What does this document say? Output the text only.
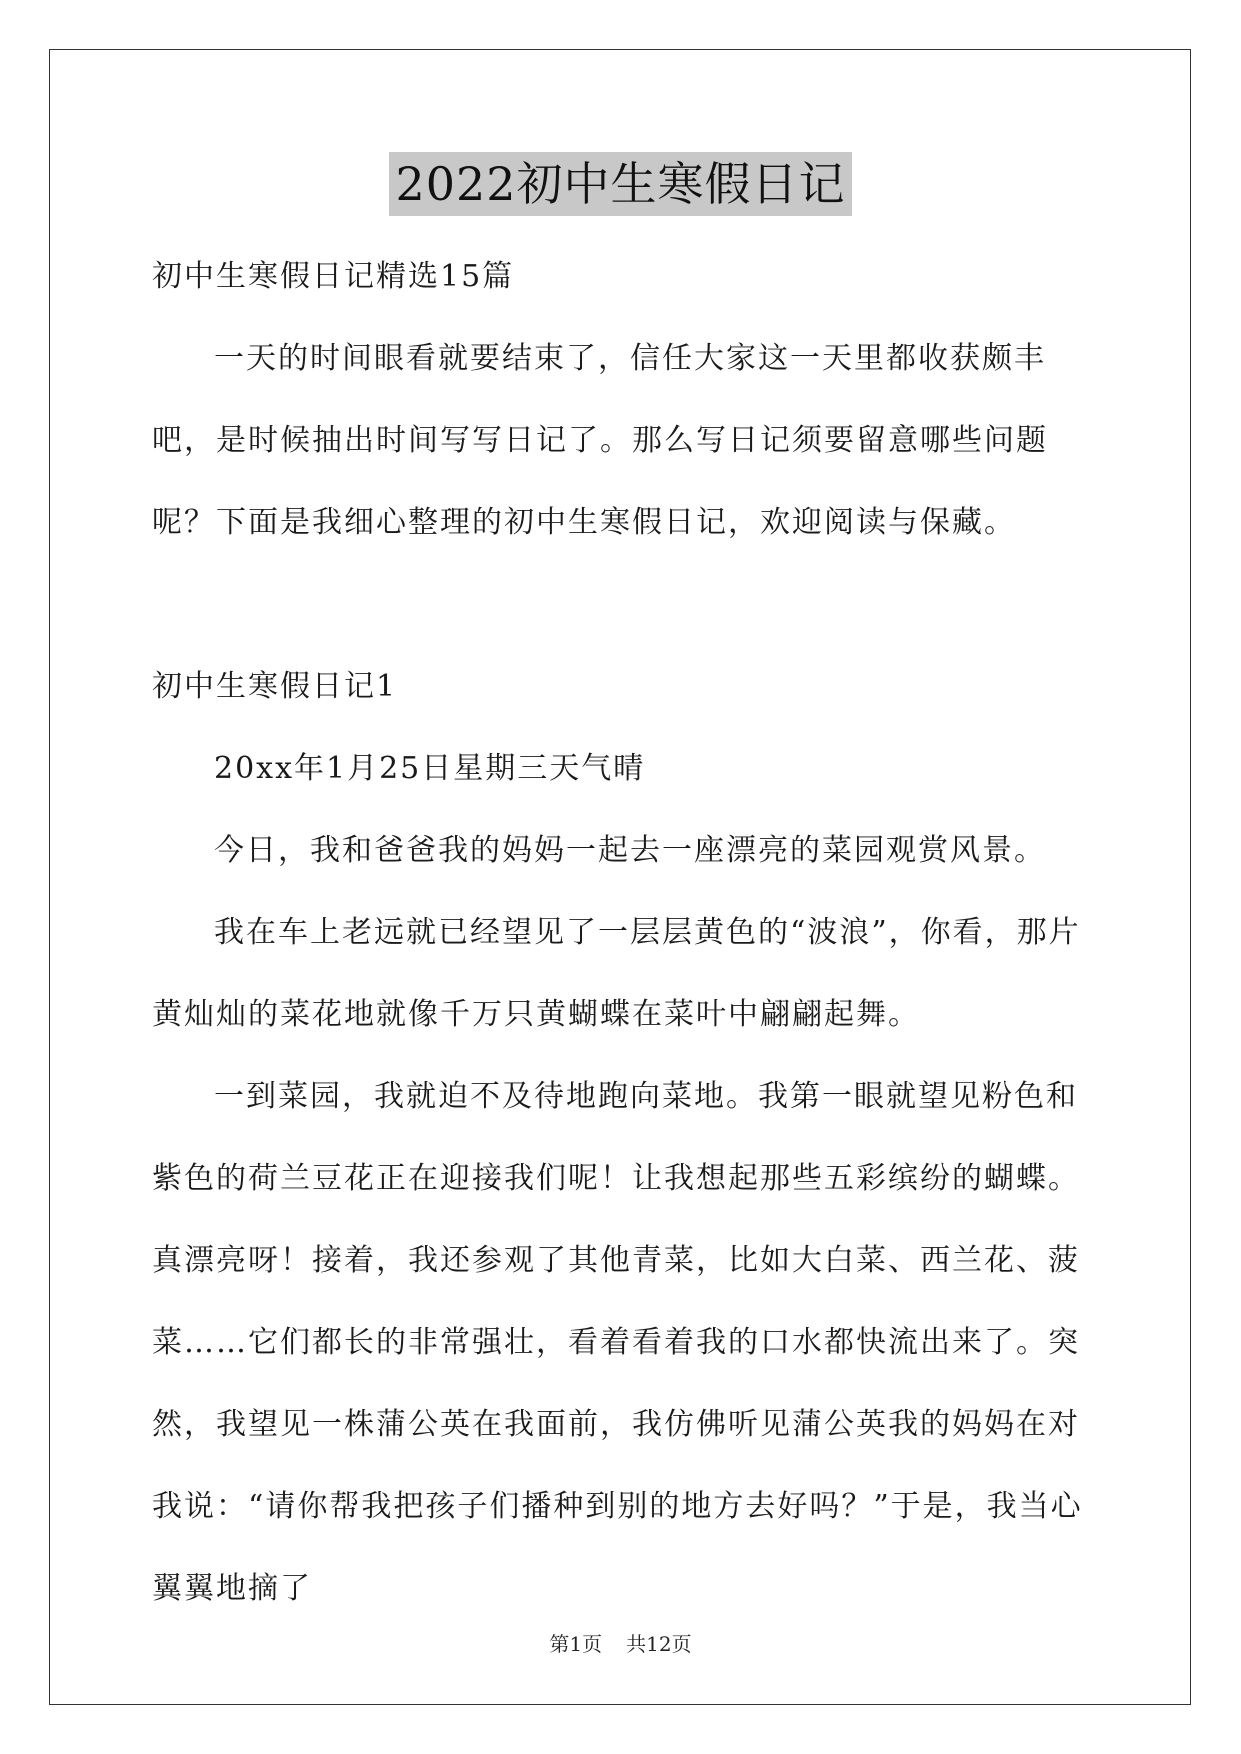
2022初中生寒假日记

初中生寒假日记精选15篇

一天的时间眼看就要结束了，信任大家这一天里都收获颇丰吧，是时候抽出时间写写日记了。那么写日记须要留意哪些问题呢？下面是我细心整理的初中生寒假日记，欢迎阅读与保藏。

初中生寒假日记1

20xx年1月25日星期三天气晴

今日，我和爸爸我的妈妈一起去一座漂亮的菜园观赏风景。

我在车上老远就已经望见了一层层黄色的“波浪”，你看，那片黄灿灿的菜花地就像千万只黄蝴蝶在菜叶中翩翩起舞。

一到菜园，我就迫不及待地跑向菜地。我第一眼就望见粉色和紫色的荷兰豆花正在迎接我们呢！让我想起那些五彩缤纷的蝴蝶。真漂亮呀！接着，我还参观了其他青菜，比如大白菜、西兰花、菠菜……它们都长的非常强壮，看着看着我的口水都快流出来了。突然，我望见一株蒲公英在我面前，我仿佛听见蒲公英我的妈妈在对我说：“请你帮我把孩子们播种到别的地方去好吗？”于是，我当心翼翼地摘了

第1页 共12页
